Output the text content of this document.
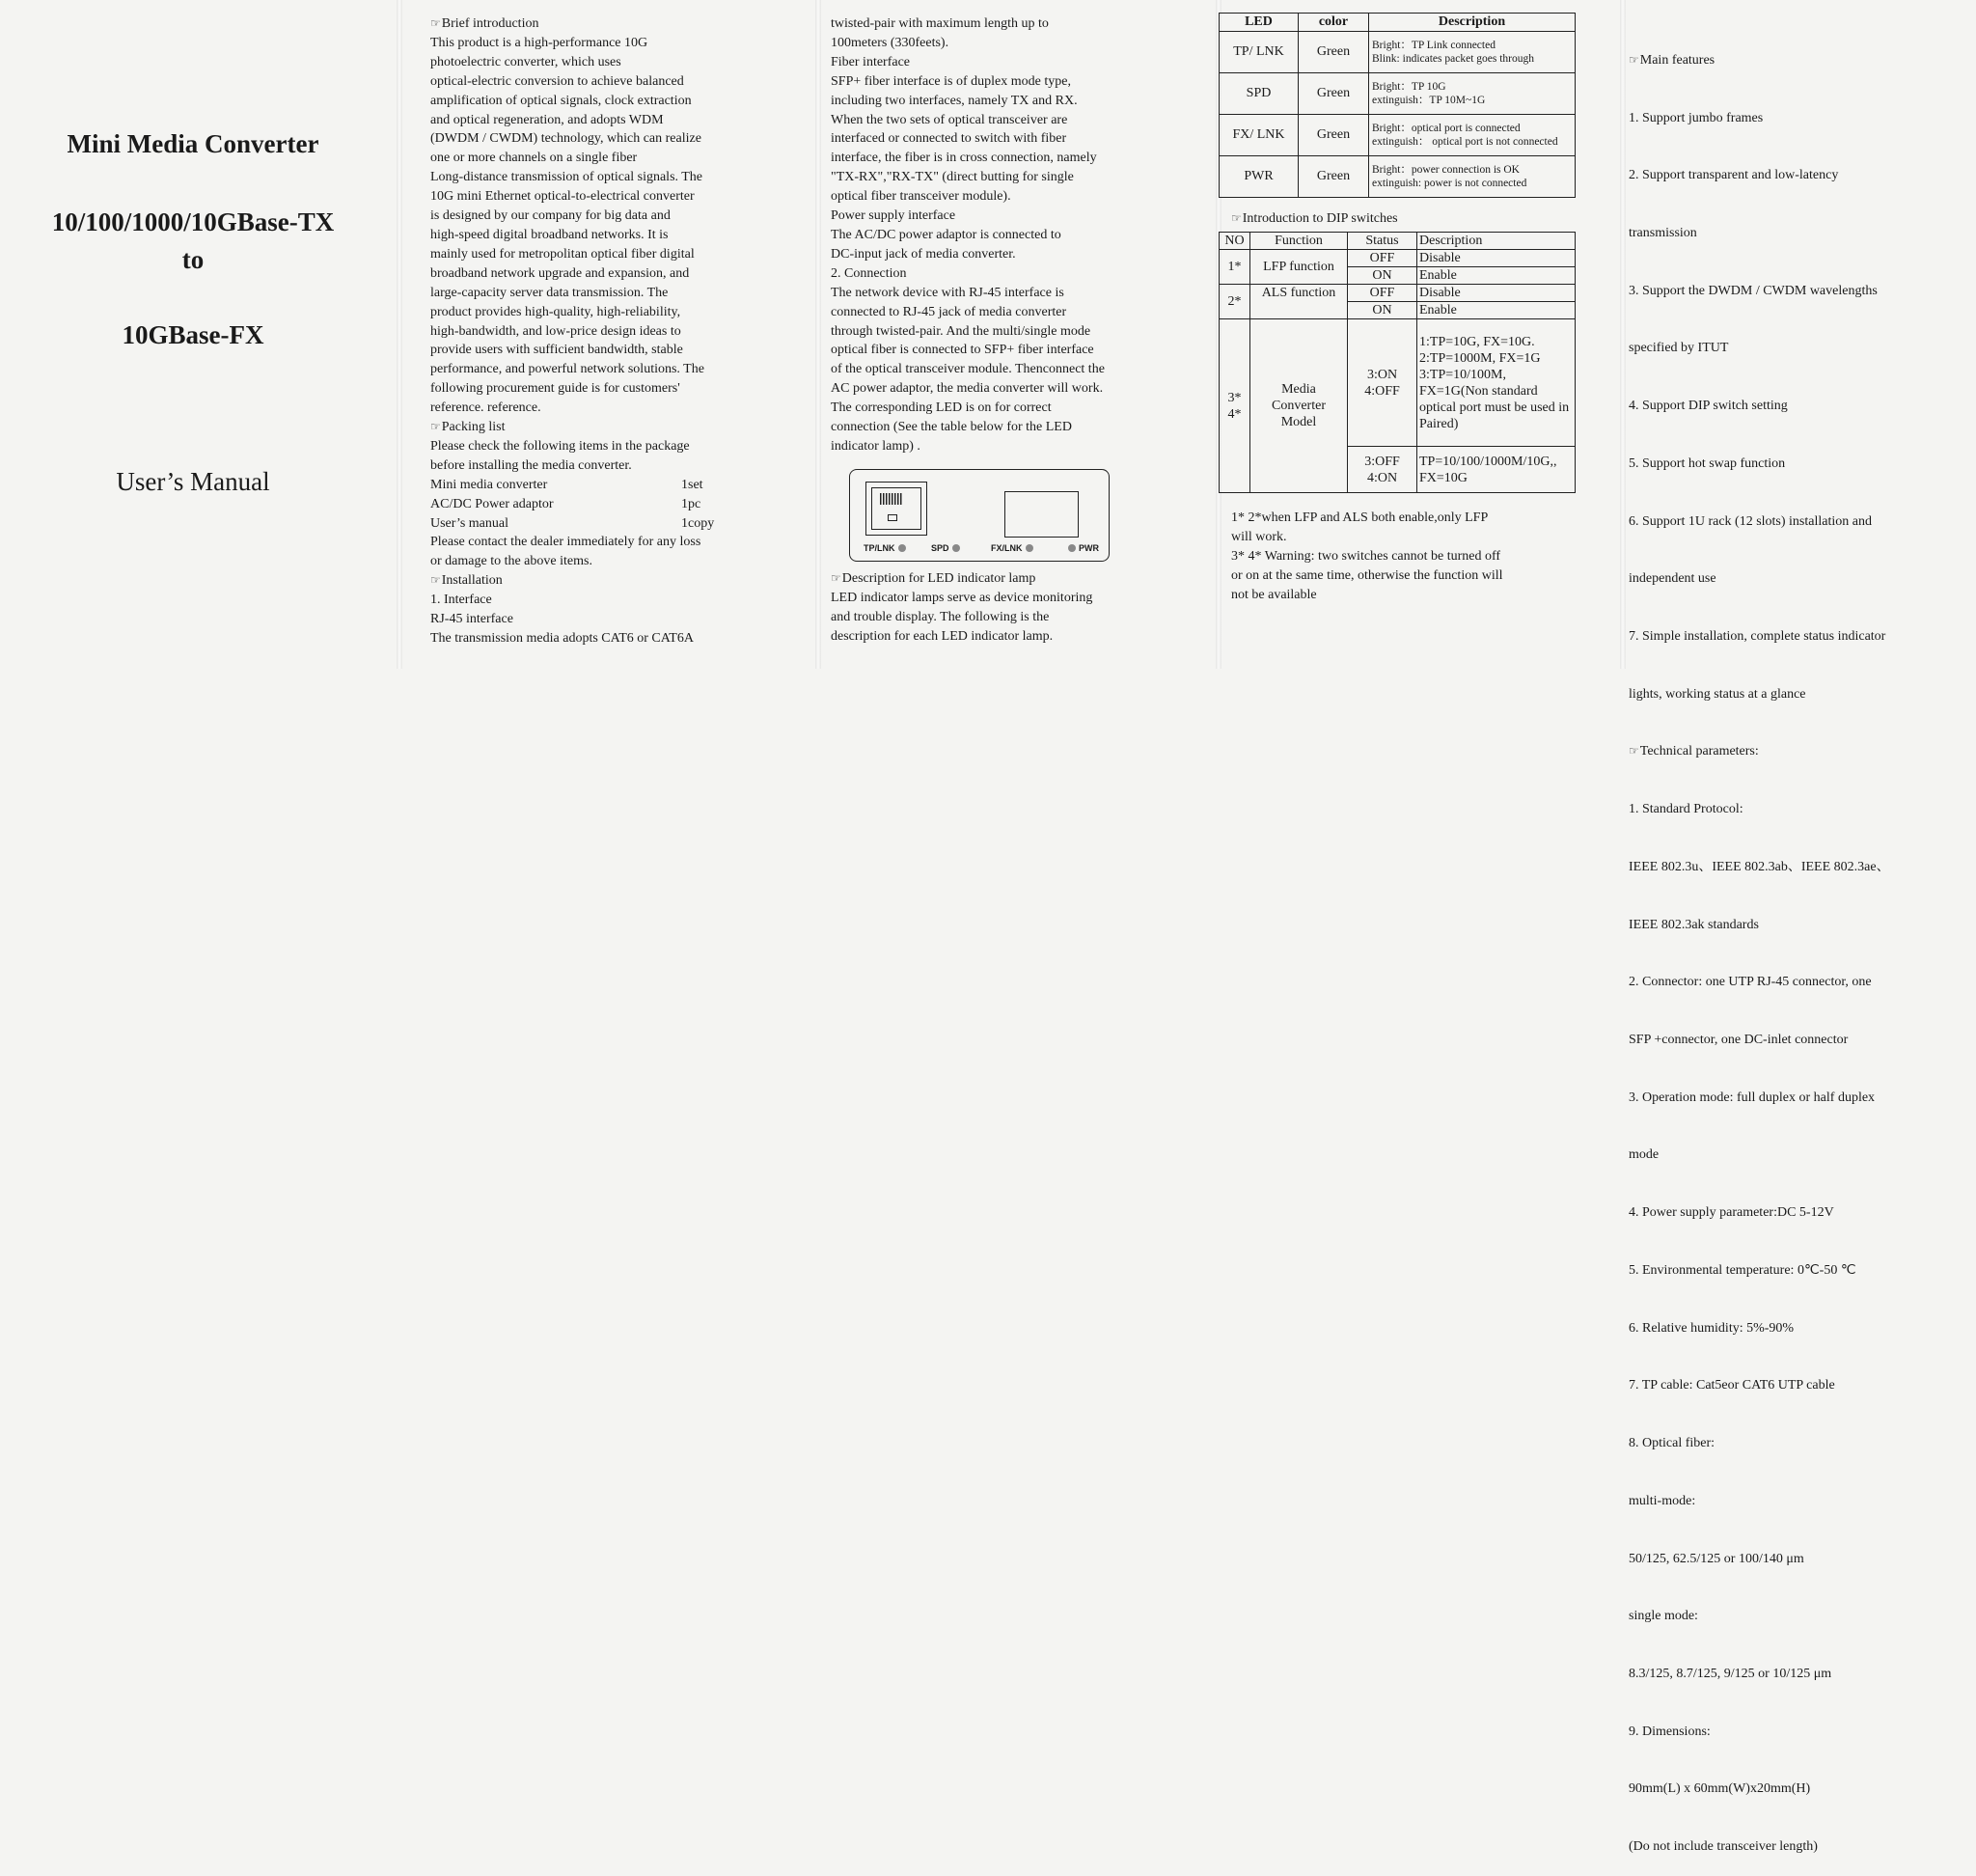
Mini Media Converter
10/100/1000/10GBase-TX
to
10GBase-FX
User’s Manual

☞ Brief introduction

This product is a high-performance 10G

photoelectric converter, which uses

optical-electric conversion to achieve balanced

amplification of optical signals, clock extraction

and optical regeneration, and adopts WDM

(DWDM / CWDM) technology, which can realize

one or more channels on a single fiber

Long-distance transmission of optical signals. The

10G mini Ethernet optical-to-electrical converter

is designed by our company for big data and

high-speed digital broadband networks. It is

mainly used for metropolitan optical fiber digital

broadband network upgrade and expansion, and

large-capacity server data transmission. The

product provides high-quality, high-reliability,

high-bandwidth, and low-price design ideas to

provide users with sufficient bandwidth, stable

performance, and powerful network solutions. The

following procurement guide is for customers'

reference. reference.

☞ Packing list

Please check the following items in the package

before installing the media converter.

Mini media converter	1set
AC/DC Power adaptor	1pc
User’s manual	1copy

Please contact the dealer immediately for any loss

or damage to the above items.

☞ Installation

1. Interface

RJ-45 interface

The transmission media adopts CAT6 or CAT6A

twisted-pair with maximum length up to

100meters (330feets).

Fiber interface

SFP+ fiber interface is of duplex mode type,

including two interfaces, namely TX and RX.

When the two sets of optical transceiver are

interfaced or connected to switch with fiber

interface, the fiber is in cross connection, namely

"TX-RX","RX-TX" (direct butting for single

optical fiber transceiver module).

Power supply interface

The AC/DC power adaptor is connected to

DC-input jack of media converter.

2. Connection

The network device with RJ-45 interface is

connected to RJ-45 jack of media converter

through twisted-pair. And the multi/single mode

optical fiber is connected to SFP+ fiber interface

of the optical transceiver module. Thenconnect the

AC power adaptor, the media converter will work.

The corresponding LED is on for correct

connection (See the table below for the LED

indicator lamp) .

TP/LNK	SPD	FX/LNK	PWR

☞ Description for LED indicator lamp

LED indicator lamps serve as device monitoring

and trouble display. The following is the

description for each LED indicator lamp.

LED	color	Description
TP/ LNK	Green	Bright：TP Link connected
Blink: indicates packet goes through

SPD	Green	Bright：TP 10G
extinguish：TP 10M~1G

FX/ LNK	Green	Bright：optical port is connected
extinguish： optical port is not connected

PWR	Green	Bright：power connection is OK
extinguish: power is not connected

☞ Introduction to DIP switches

NO	Function	Status	Description
1*	LFP function	OFF	Disable
		ON	Enable
2*	ALS function	OFF	Disable
		ON	Enable
3* 4*	Media Converter Model	3:ON 4:OFF	1:TP=10G, FX=10G. 2:TP=1000M, FX=1G 3:TP=10/100M, FX=1G(Non standard optical port must be used in Paired)
		3:OFF 4:ON	TP=10/100/1000M/10G,, FX=10G

1* 2*when LFP and ALS both enable,only LFP

will work.

3* 4* Warning: two switches cannot be turned off

or on at the same time, otherwise the function will

not be available

☞ Main features

1. Support jumbo frames

2. Support transparent and low-latency

transmission

3. Support the DWDM / CWDM wavelengths

specified by ITUT

4. Support DIP switch setting

5. Support hot swap function

6. Support 1U rack (12 slots) installation and

independent use

7. Simple installation, complete status indicator

lights, working status at a glance

☞ Technical parameters:

1. Standard Protocol:

IEEE 802.3u、IEEE 802.3ab、IEEE 802.3ae、

IEEE 802.3ak standards

2. Connector: one UTP RJ-45 connector, one

SFP +connector, one DC-inlet connector

3. Operation mode: full duplex or half duplex

mode

4. Power supply parameter:DC 5-12V

5. Environmental temperature: 0℃-50 ℃

6. Relative humidity: 5%-90%

7. TP cable: Cat5eor CAT6 UTP cable

8. Optical fiber:

multi-mode:

50/125, 62.5/125 or 100/140 μm

single mode:

8.3/125, 8.7/125, 9/125 or 10/125 μm

9. Dimensions:

90mm(L) x 60mm(W)x20mm(H)

(Do not include transceiver length)
